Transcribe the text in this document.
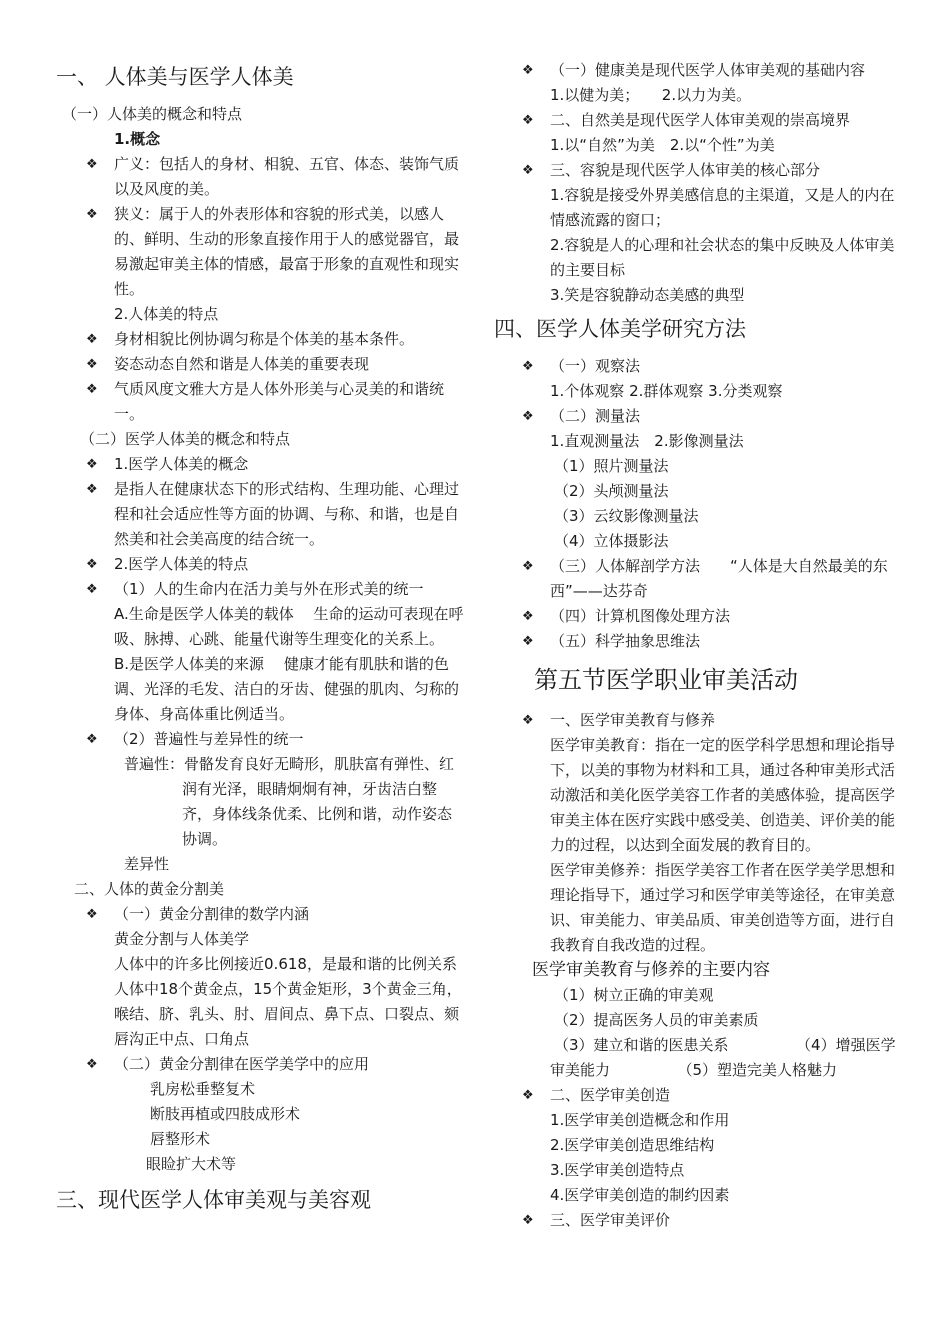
一、 人体美与医学人体美
（一）人体美的概念和特点
1.概念
❖ 广义：包括人的身材、相貌、五官、体态、装饰气质以及风度的美。
❖ 狭义：属于人的外表形体和容貌的形式美，以感人的、鲜明、生动的形象直接作用于人的感觉器官，最易激起审美主体的情感，最富于形象的直观性和现实性。
2.人体美的特点
❖ 身材相貌比例协调匀称是个体美的基本条件。
❖ 姿态动态自然和谐是人体美的重要表现
❖ 气质风度文雅大方是人体外形美与心灵美的和谐统一。
（二）医学人体美的概念和特点
❖ 1.医学人体美的概念
❖ 是指人在健康状态下的形式结构、生理功能、心理过程和社会适应性等方面的协调、与称、和谐，也是自然美和社会美高度的结合统一。
❖ 2.医学人体美的特点
❖ （1）人的生命内在活力美与外在形式美的统一
A.生命是医学人体美的载体　 生命的运动可表现在呼吸、脉搏、心跳、能量代谢等生理变化的关系上。
B.是医学人体美的来源　 健康才能有肌肤和谐的色调、光泽的毛发、洁白的牙齿、健强的肌肉、匀称的身体、身高体重比例适当。
❖ （2）普遍性与差异性的统一
普遍性：骨骼发育良好无畸形，肌肤富有弹性、红润有光泽，眼睛炯炯有神，牙齿洁白整齐，身体线条优柔、比例和谐，动作姿态协调。
差异性
二、人体的黄金分割美
❖ （一）黄金分割律的数学内涵
黄金分割与人体美学
人体中的许多比例接近0.618，是最和谐的比例关系
人体中18个黄金点，15个黄金矩形，3个黄金三角，喉结、脐、乳头、肘、眉间点、鼻下点、口裂点、颏唇沟正中点、口角点
❖ （二）黄金分割律在医学美学中的应用
乳房松垂整复术
断肢再植或四肢成形术
唇整形术
眼睑扩大术等
三、现代医学人体审美观与美容观
❖ （一）健康美是现代医学人体审美观的基础内容
1.以健为美；　　2.以力为美。
❖ 二、自然美是现代医学人体审美观的崇高境界
1.以“自然”为美　2.以“个性”为美
❖ 三、容貌是现代医学人体审美的核心部分
1.容貌是接受外界美感信息的主渠道，又是人的内在情感流露的窗口；
2.容貌是人的心理和社会状态的集中反映及人体审美的主要目标
3.笑是容貌静动态美感的典型
四、医学人体美学研究方法
❖ （一）观察法
1.个体观察 2.群体观察 3.分类观察
❖ （二）测量法
1.直观测量法　2.影像测量法
（1）照片测量法
（2）头颅测量法
（3）云纹影像测量法
（4）立体摄影法
❖ （三）人体解剖学方法　　“人体是大自然最美的东西”——达芬奇
❖ （四）计算机图像处理方法
❖ （五）科学抽象思维法
第五节医学职业审美活动
❖ 一、医学审美教育与修养
医学审美教育：指在一定的医学科学思想和理论指导下，以美的事物为材料和工具，通过各种审美形式活动激活和美化医学美容工作者的美感体验，提高医学审美主体在医疗实践中感受美、创造美、评价美的能力的过程，以达到全面发展的教育目的。
医学审美修养：指医学美容工作者在医学美学思想和理论指导下，通过学习和医学审美等途径，在审美意识、审美能力、审美品质、审美创造等方面，进行自我教育自我改造的过程。
医学审美教育与修养的主要内容
（1）树立正确的审美观
（2）提高医务人员的审美素质
（3）建立和谐的医患关系　　　　　（4）增强医学审美能力　　　　　（5）塑造完美人格魅力
❖ 二、医学审美创造
1.医学审美创造概念和作用
2.医学审美创造思维结构
3.医学审美创造特点
4.医学审美创造的制约因素
❖ 三、医学审美评价
